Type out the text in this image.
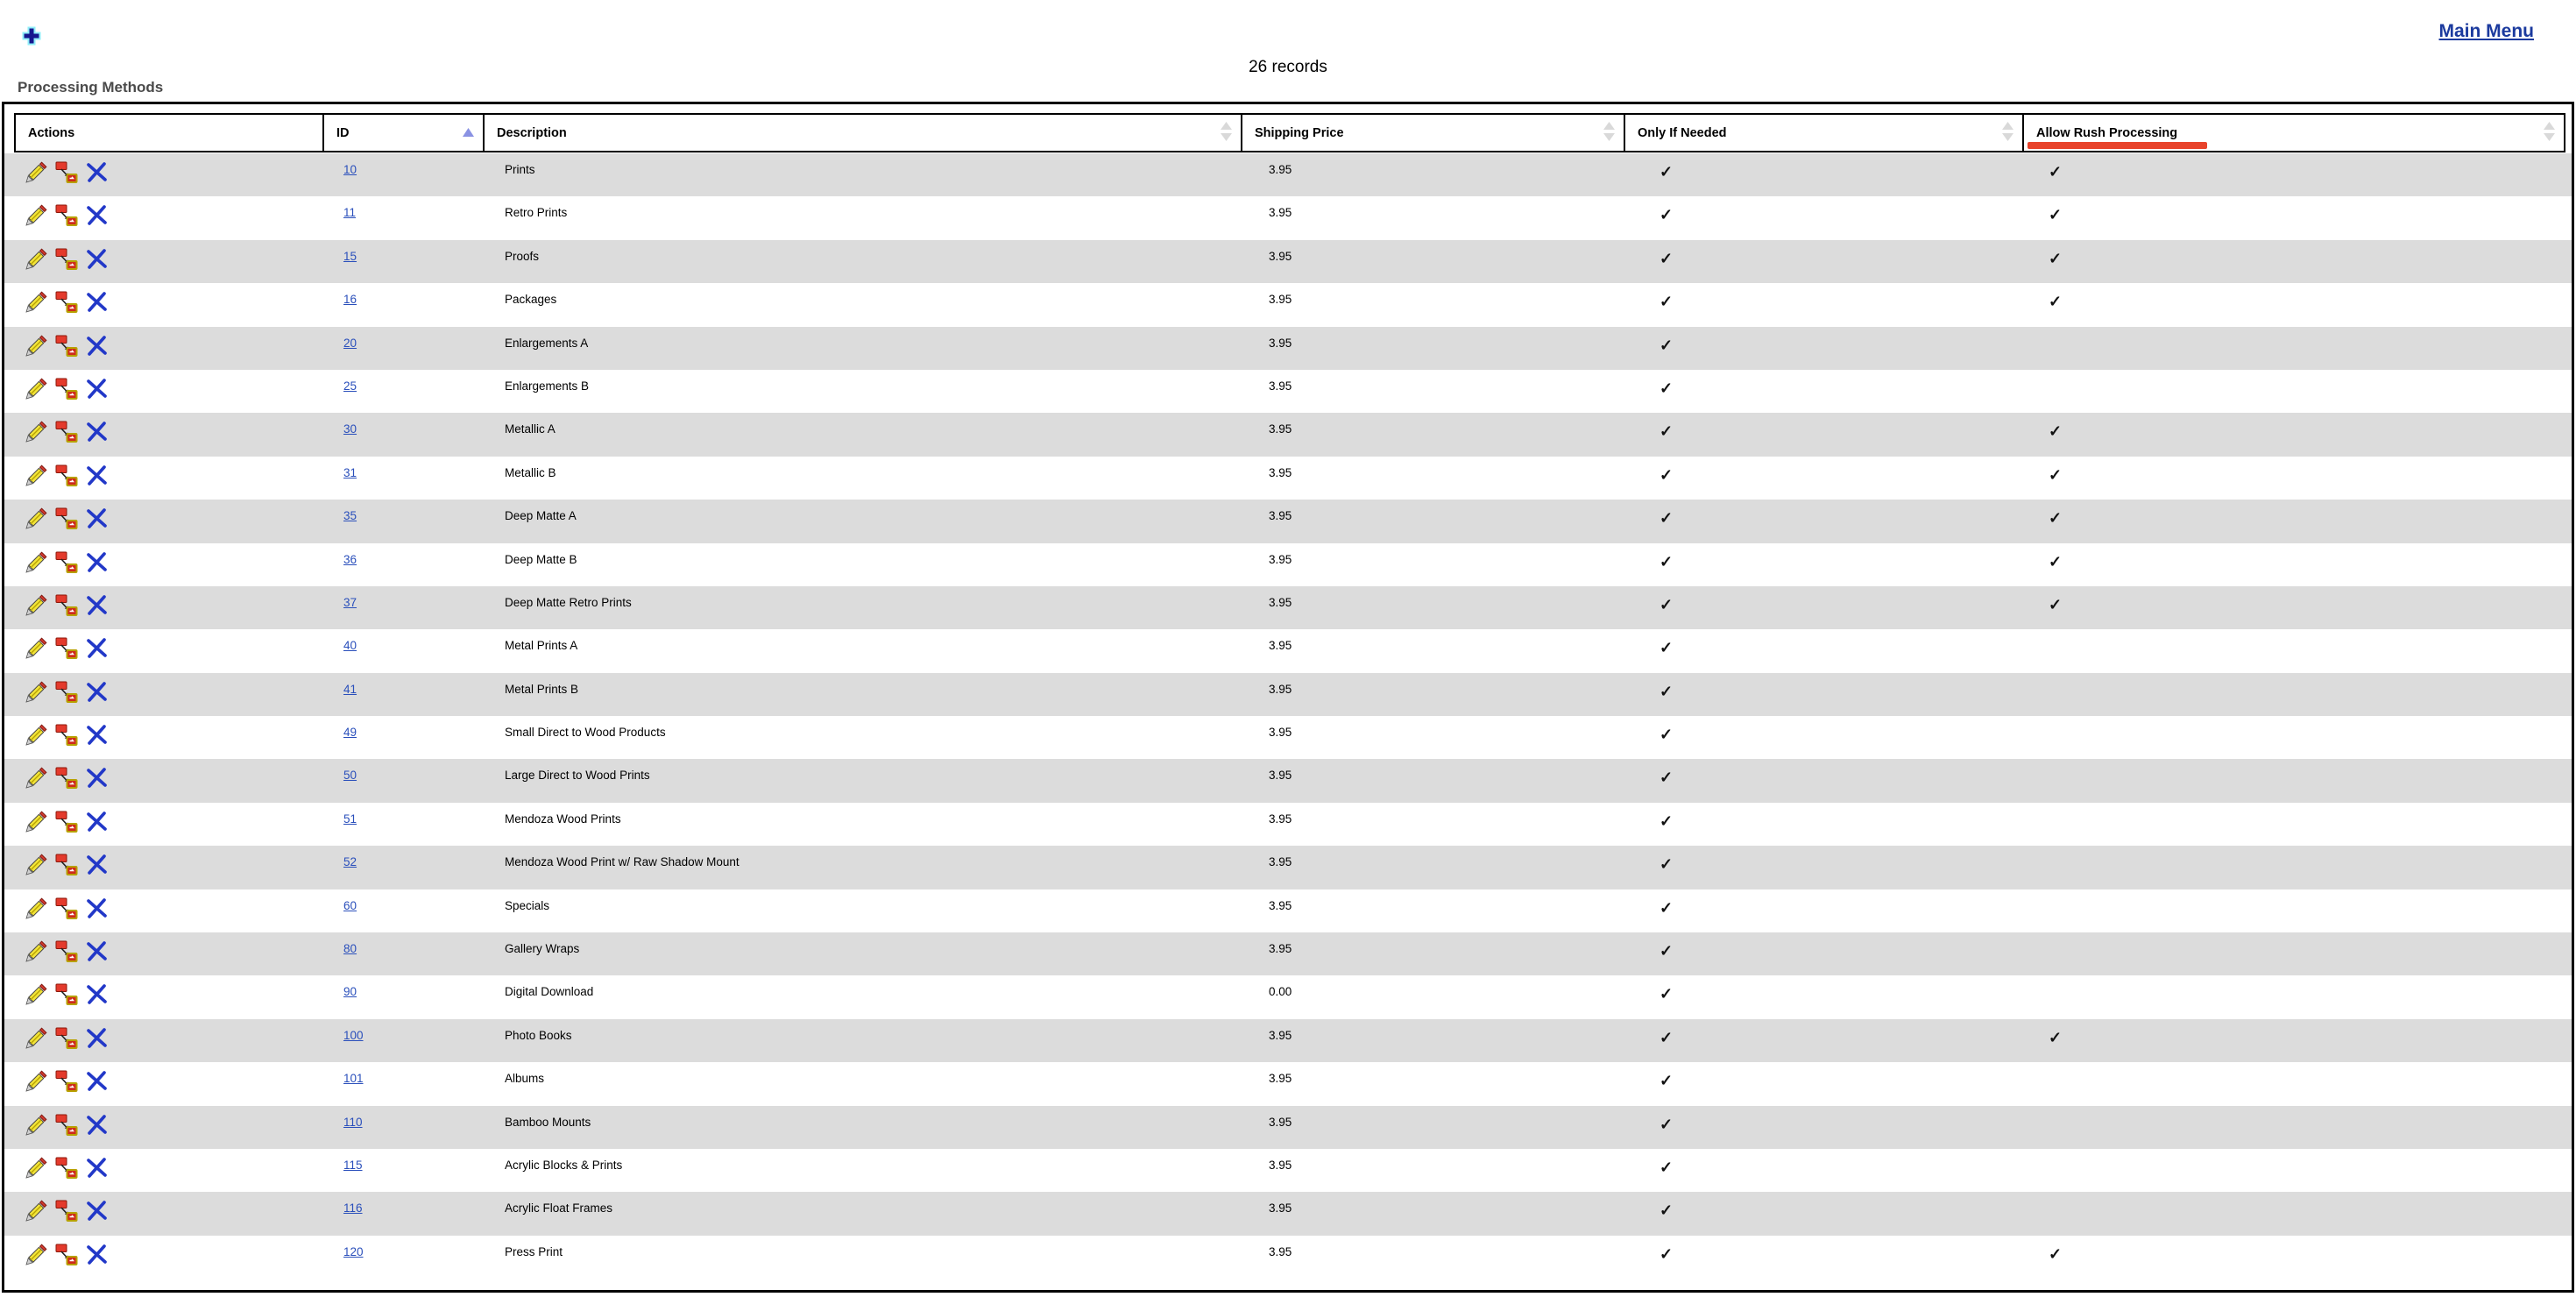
Main Menu
26 records
Processing Methods
Actions	ID	Description	Shipping Price	Only If Needed	Allow Rush Processing
10	Prints	3.95	✓	✓
11	Retro Prints	3.95	✓	✓
15	Proofs	3.95	✓	✓
16	Packages	3.95	✓	✓
20	Enlargements A	3.95	✓
25	Enlargements B	3.95	✓
30	Metallic A	3.95	✓	✓
31	Metallic B	3.95	✓	✓
35	Deep Matte A	3.95	✓	✓
36	Deep Matte B	3.95	✓	✓
37	Deep Matte Retro Prints	3.95	✓	✓
40	Metal Prints A	3.95	✓
41	Metal Prints B	3.95	✓
49	Small Direct to Wood Products	3.95	✓
50	Large Direct to Wood Prints	3.95	✓
51	Mendoza Wood Prints	3.95	✓
52	Mendoza Wood Print w/ Raw Shadow Mount	3.95	✓
60	Specials	3.95	✓
80	Gallery Wraps	3.95	✓
90	Digital Download	0.00	✓
100	Photo Books	3.95	✓	✓
101	Albums	3.95	✓
110	Bamboo Mounts	3.95	✓
115	Acrylic Blocks & Prints	3.95	✓
116	Acrylic Float Frames	3.95	✓
120	Press Print	3.95	✓	✓
